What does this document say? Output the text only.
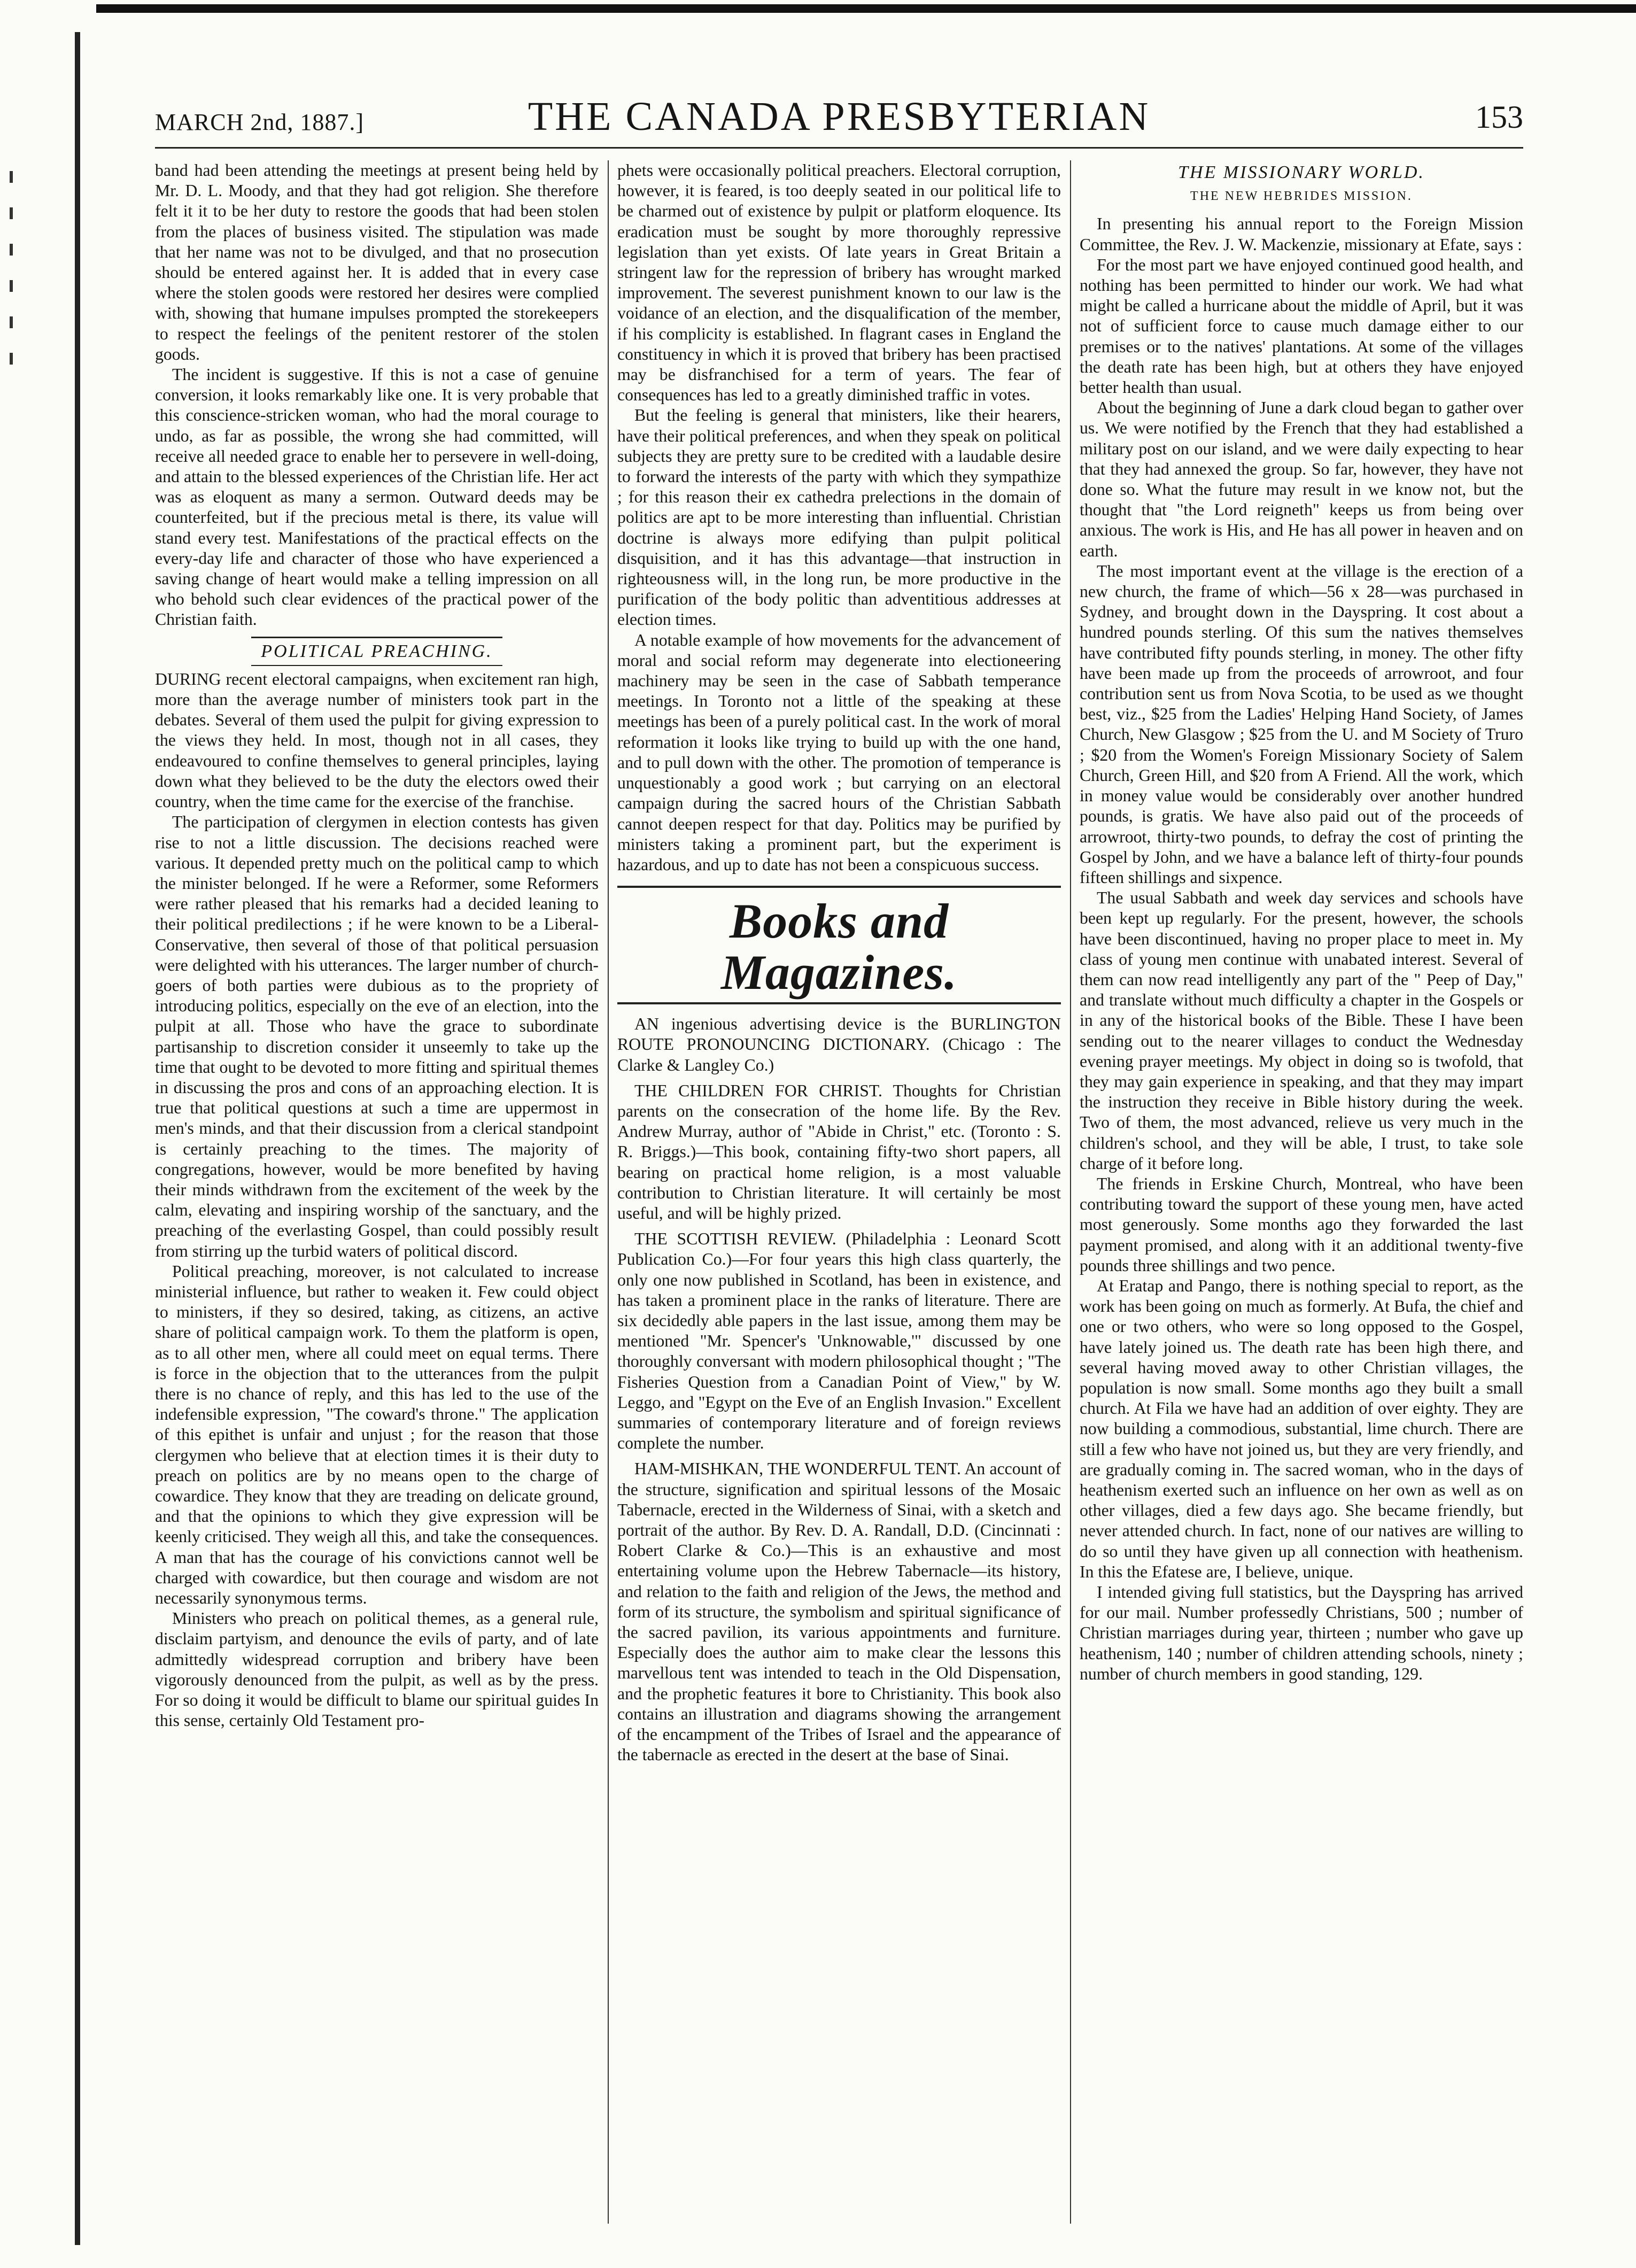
MARCH 2nd, 1887.]	THE CANADA PRESBYTERIAN	153

band had been attending the meetings at present being held by Mr. D. L. Moody, and that they had got religion. She therefore felt it it to be her duty to restore the goods that had been stolen from the places of business visited. The stipulation was made that her name was not to be divulged, and that no prosecution should be entered against her. It is added that in every case where the stolen goods were restored her desires were complied with, showing that humane impulses prompted the storekeepers to respect the feelings of the penitent restorer of the stolen goods.

The incident is suggestive. If this is not a case of genuine conversion, it looks remarkably like one. It is very probable that this conscience-stricken woman, who had the moral courage to undo, as far as possible, the wrong she had committed, will receive all needed grace to enable her to persevere in well-doing, and attain to the blessed experiences of the Christian life. Her act was as eloquent as many a sermon. Outward deeds may be counterfeited, but if the precious metal is there, its value will stand every test. Manifestations of the practical effects on the every-day life and character of those who have experienced a saving change of heart would make a telling impression on all who behold such clear evidences of the practical power of the Christian faith.

POLITICAL PREACHING.

DURING recent electoral campaigns, when excitement ran high, more than the average number of ministers took part in the debates. Several of them used the pulpit for giving expression to the views they held. In most, though not in all cases, they endeavoured to confine themselves to general principles, laying down what they believed to be the duty the electors owed their country, when the time came for the exercise of the franchise.

The participation of clergymen in election contests has given rise to not a little discussion. The decisions reached were various. It depended pretty much on the political camp to which the minister belonged. If he were a Reformer, some Reformers were rather pleased that his remarks had a decided leaning to their political predilections ; if he were known to be a Liberal-Conservative, then several of those of that political persuasion were delighted with his utterances. The larger number of church-goers of both parties were dubious as to the propriety of introducing politics, especially on the eve of an election, into the pulpit at all. Those who have the grace to subordinate partisanship to discretion consider it unseemly to take up the time that ought to be devoted to more fitting and spiritual themes in discussing the pros and cons of an approaching election. It is true that political questions at such a time are uppermost in men's minds, and that their discussion from a clerical standpoint is certainly preaching to the times. The majority of congregations, however, would be more benefited by having their minds withdrawn from the excitement of the week by the calm, elevating and inspiring worship of the sanctuary, and the preaching of the everlasting Gospel, than could possibly result from stirring up the turbid waters of political discord.

Political preaching, moreover, is not calculated to increase ministerial influence, but rather to weaken it. Few could object to ministers, if they so desired, taking, as citizens, an active share of political campaign work. To them the platform is open, as to all other men, where all could meet on equal terms. There is force in the objection that to the utterances from the pulpit there is no chance of reply, and this has led to the use of the indefensible expression, "The coward's throne." The application of this epithet is unfair and unjust ; for the reason that those clergymen who believe that at election times it is their duty to preach on politics are by no means open to the charge of cowardice. They know that they are treading on delicate ground, and that the opinions to which they give expression will be keenly criticised. They weigh all this, and take the consequences. A man that has the courage of his convictions cannot well be charged with cowardice, but then courage and wisdom are not necessarily synonymous terms.

Ministers who preach on political themes, as a general rule, disclaim partyism, and denounce the evils of party, and of late admittedly widespread corruption and bribery have been vigorously denounced from the pulpit, as well as by the press. For so doing it would be difficult to blame our spiritual guides In this sense, certainly Old Testament pro-

phets were occasionally political preachers. Electoral corruption, however, it is feared, is too deeply seated in our political life to be charmed out of existence by pulpit or platform eloquence. Its eradication must be sought by more thoroughly repressive legislation than yet exists. Of late years in Great Britain a stringent law for the repression of bribery has wrought marked improvement. The severest punishment known to our law is the voidance of an election, and the disqualification of the member, if his complicity is established. In flagrant cases in England the constituency in which it is proved that bribery has been practised may be disfranchised for a term of years. The fear of consequences has led to a greatly diminished traffic in votes.

But the feeling is general that ministers, like their hearers, have their political preferences, and when they speak on political subjects they are pretty sure to be credited with a laudable desire to forward the interests of the party with which they sympathize ; for this reason their ex cathedra prelections in the domain of politics are apt to be more interesting than influential. Christian doctrine is always more edifying than pulpit political disquisition, and it has this advantage—that instruction in righteousness will, in the long run, be more productive in the purification of the body politic than adventitious addresses at election times.

A notable example of how movements for the advancement of moral and social reform may degenerate into electioneering machinery may be seen in the case of Sabbath temperance meetings. In Toronto not a little of the speaking at these meetings has been of a purely political cast. In the work of moral reformation it looks like trying to build up with the one hand, and to pull down with the other. The promotion of temperance is unquestionably a good work ; but carrying on an electoral campaign during the sacred hours of the Christian Sabbath cannot deepen respect for that day. Politics may be purified by ministers taking a prominent part, but the experiment is hazardous, and up to date has not been a conspicuous success.

Books and Magazines.

AN ingenious advertising device is the BURLINGTON ROUTE PRONOUNCING DICTIONARY. (Chicago : The Clarke & Langley Co.)

THE CHILDREN FOR CHRIST. Thoughts for Christian parents on the consecration of the home life. By the Rev. Andrew Murray, author of "Abide in Christ," etc. (Toronto : S. R. Briggs.)—This book, containing fifty-two short papers, all bearing on practical home religion, is a most valuable contribution to Christian literature. It will certainly be most useful, and will be highly prized.

THE SCOTTISH REVIEW. (Philadelphia : Leonard Scott Publication Co.)—For four years this high class quarterly, the only one now published in Scotland, has been in existence, and has taken a prominent place in the ranks of literature. There are six decidedly able papers in the last issue, among them may be mentioned "Mr. Spencer's 'Unknowable,'" discussed by one thoroughly conversant with modern philosophical thought ; "The Fisheries Question from a Canadian Point of View," by W. Leggo, and "Egypt on the Eve of an English Invasion." Excellent summaries of contemporary literature and of foreign reviews complete the number.

HAM-MISHKAN, THE WONDERFUL TENT. An account of the structure, signification and spiritual lessons of the Mosaic Tabernacle, erected in the Wilderness of Sinai, with a sketch and portrait of the author. By Rev. D. A. Randall, D.D. (Cincinnati : Robert Clarke & Co.)—This is an exhaustive and most entertaining volume upon the Hebrew Tabernacle—its history, and relation to the faith and religion of the Jews, the method and form of its structure, the symbolism and spiritual significance of the sacred pavilion, its various appointments and furniture. Especially does the author aim to make clear the lessons this marvellous tent was intended to teach in the Old Dispensation, and the prophetic features it bore to Christianity. This book also contains an illustration and diagrams showing the arrangement of the encampment of the Tribes of Israel and the appearance of the tabernacle as erected in the desert at the base of Sinai.

THE MISSIONARY WORLD.
THE NEW HEBRIDES MISSION.

In presenting his annual report to the Foreign Mission Committee, the Rev. J. W. Mackenzie, missionary at Efate, says :

For the most part we have enjoyed continued good health, and nothing has been permitted to hinder our work. We had what might be called a hurricane about the middle of April, but it was not of sufficient force to cause much damage either to our premises or to the natives' plantations. At some of the villages the death rate has been high, but at others they have enjoyed better health than usual.

About the beginning of June a dark cloud began to gather over us. We were notified by the French that they had established a military post on our island, and we were daily expecting to hear that they had annexed the group. So far, however, they have not done so. What the future may result in we know not, but the thought that "the Lord reigneth" keeps us from being over anxious. The work is His, and He has all power in heaven and on earth.

The most important event at the village is the erection of a new church, the frame of which—56 x 28—was purchased in Sydney, and brought down in the Dayspring. It cost about a hundred pounds sterling. Of this sum the natives themselves have contributed fifty pounds sterling, in money. The other fifty have been made up from the proceeds of arrowroot, and four contribution sent us from Nova Scotia, to be used as we thought best, viz., $25 from the Ladies' Helping Hand Society, of James Church, New Glasgow ; $25 from the U. and M Society of Truro ; $20 from the Women's Foreign Missionary Society of Salem Church, Green Hill, and $20 from A Friend. All the work, which in money value would be considerably over another hundred pounds, is gratis. We have also paid out of the proceeds of arrowroot, thirty-two pounds, to defray the cost of printing the Gospel by John, and we have a balance left of thirty-four pounds fifteen shillings and sixpence.

The usual Sabbath and week day services and schools have been kept up regularly. For the present, however, the schools have been discontinued, having no proper place to meet in. My class of young men continue with unabated interest. Several of them can now read intelligently any part of the " Peep of Day," and translate without much difficulty a chapter in the Gospels or in any of the historical books of the Bible. These I have been sending out to the nearer villages to conduct the Wednesday evening prayer meetings. My object in doing so is twofold, that they may gain experience in speaking, and that they may impart the instruction they receive in Bible history during the week. Two of them, the most advanced, relieve us very much in the children's school, and they will be able, I trust, to take sole charge of it before long.

The friends in Erskine Church, Montreal, who have been contributing toward the support of these young men, have acted most generously. Some months ago they forwarded the last payment promised, and along with it an additional twenty-five pounds three shillings and two pence.

At Eratap and Pango, there is nothing special to report, as the work has been going on much as formerly. At Bufa, the chief and one or two others, who were so long opposed to the Gospel, have lately joined us. The death rate has been high there, and several having moved away to other Christian villages, the population is now small. Some months ago they built a small church. At Fila we have had an addition of over eighty. They are now building a commodious, substantial, lime church. There are still a few who have not joined us, but they are very friendly, and are gradually coming in. The sacred woman, who in the days of heathenism exerted such an influence on her own as well as on other villages, died a few days ago. She became friendly, but never attended church. In fact, none of our natives are willing to do so until they have given up all connection with heathenism. In this the Efatese are, I believe, unique.

I intended giving full statistics, but the Dayspring has arrived for our mail. Number professedly Christians, 500 ; number of Christian marriages during year, thirteen ; number who gave up heathenism, 140 ; number of children attending schools, ninety ; number of church members in good standing, 129.
